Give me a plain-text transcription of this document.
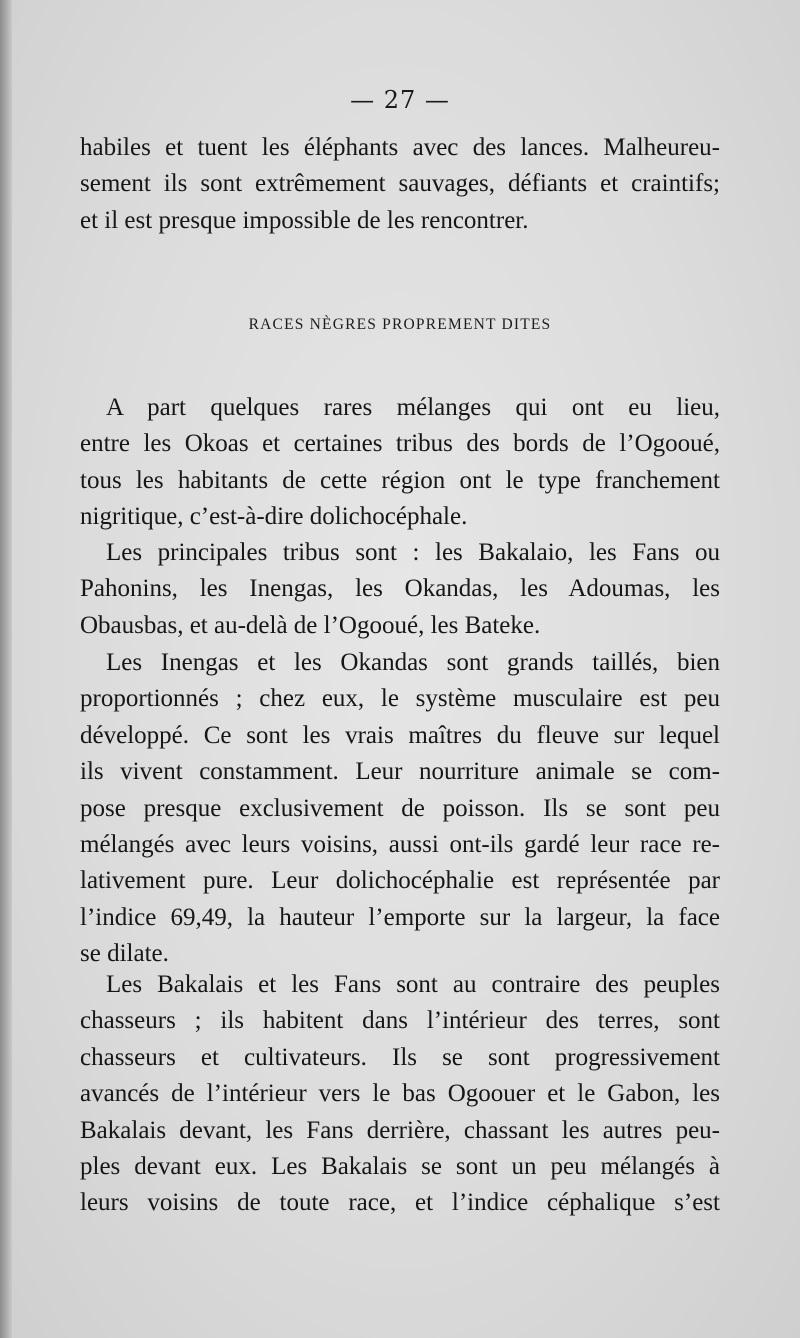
— 27 —
habiles et tuent les éléphants avec des lances. Malheureu-
sement ils sont extrêmement sauvages, défiants et craintifs;
et il est presque impossible de les rencontrer.
RACES NÈGRES PROPREMENT DITES
A part quelques rares mélanges qui ont eu lieu,
entre les Okoas et certaines tribus des bords de l’Ogooué,
tous les habitants de cette région ont le type franchement
nigritique, c’est-à-dire dolichocéphale.
Les principales tribus sont : les Bakalaio, les Fans ou
Pahonins, les Inengas, les Okandas, les Adoumas, les
Obausbas, et au-delà de l’Ogooué, les Bateke.
Les Inengas et les Okandas sont grands taillés, bien
proportionnés ; chez eux, le système musculaire est peu
développé. Ce sont les vrais maîtres du fleuve sur lequel
ils vivent constamment. Leur nourriture animale se com-
pose presque exclusivement de poisson. Ils se sont peu
mélangés avec leurs voisins, aussi ont-ils gardé leur race re-
lativement pure. Leur dolichocéphalie est représentée par
l’indice 69,49, la hauteur l’emporte sur la largeur, la face
se dilate.
Les Bakalais et les Fans sont au contraire des peuples
chasseurs ; ils habitent dans l’intérieur des terres, sont
chasseurs et cultivateurs. Ils se sont progressivement
avancés de l’intérieur vers le bas Ogoouer et le Gabon, les
Bakalais devant, les Fans derrière, chassant les autres peu-
ples devant eux. Les Bakalais se sont un peu mélangés à
leurs voisins de toute race, et l’indice céphalique s’est
